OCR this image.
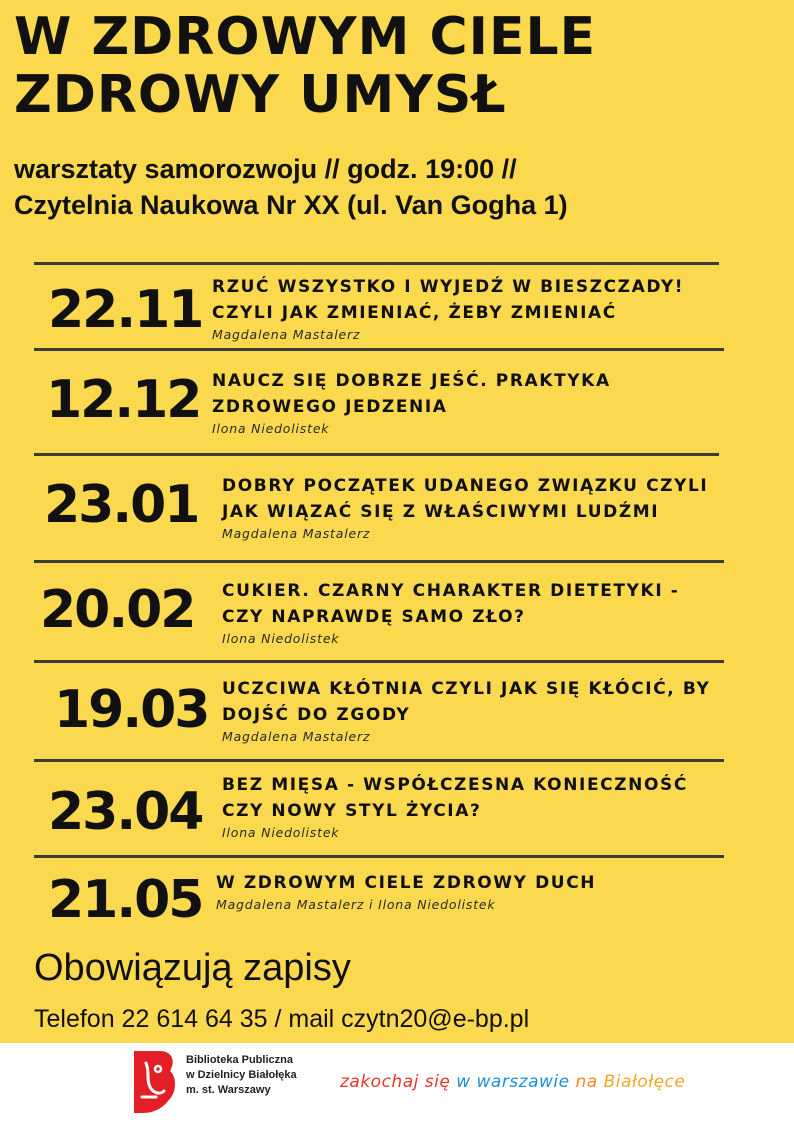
W ZDROWYM CIELE
ZDROWY UMYSŁ
warsztaty samorozwoju // godz. 19:00 //
Czytelnia Naukowa Nr XX (ul. Van Gogha 1)
22.11 RZUĆ WSZYSTKO I WYJEDŹ W BIESZCZADY!
CZYLI JAK ZMIENIAĆ, ŻEBY ZMIENIAĆ
Magdalena Mastalerz
12.12 NAUCZ SIĘ DOBRZE JEŚĆ. PRAKTYKA
ZDROWEGO JEDZENIA
Ilona Niedolistek
23.01 DOBRY POCZĄTEK UDANEGO ZWIĄZKU CZYLI
JAK WIĄZAĆ SIĘ Z WŁAŚCIWYMI LUDŹMI
Magdalena Mastalerz
20.02 CUKIER. CZARNY CHARAKTER DIETETYKI -
CZY NAPRAWDĘ SAMO ZŁO?
Ilona Niedolistek
19.03 UCZCIWA KŁÓTNIA CZYLI JAK SIĘ KŁÓCIĆ, BY
DOJŚĆ DO ZGODY
Magdalena Mastalerz
23.04 BEZ MIĘSA - WSPÓŁCZESNA KONIECZNOŚĆ
CZY NOWY STYL ŻYCIA?
Ilona Niedolistek
21.05 W ZDROWYM CIELE ZDROWY DUCH
Magdalena Mastalerz i Ilona Niedolistek
Obowiązują zapisy
Telefon 22 614 64 35 / mail czytn20@e-bp.pl
Biblioteka Publiczna
w Dzielnicy Białołęka
m. st. Warszawy	zakochaj się w warszawie na Białołęce
